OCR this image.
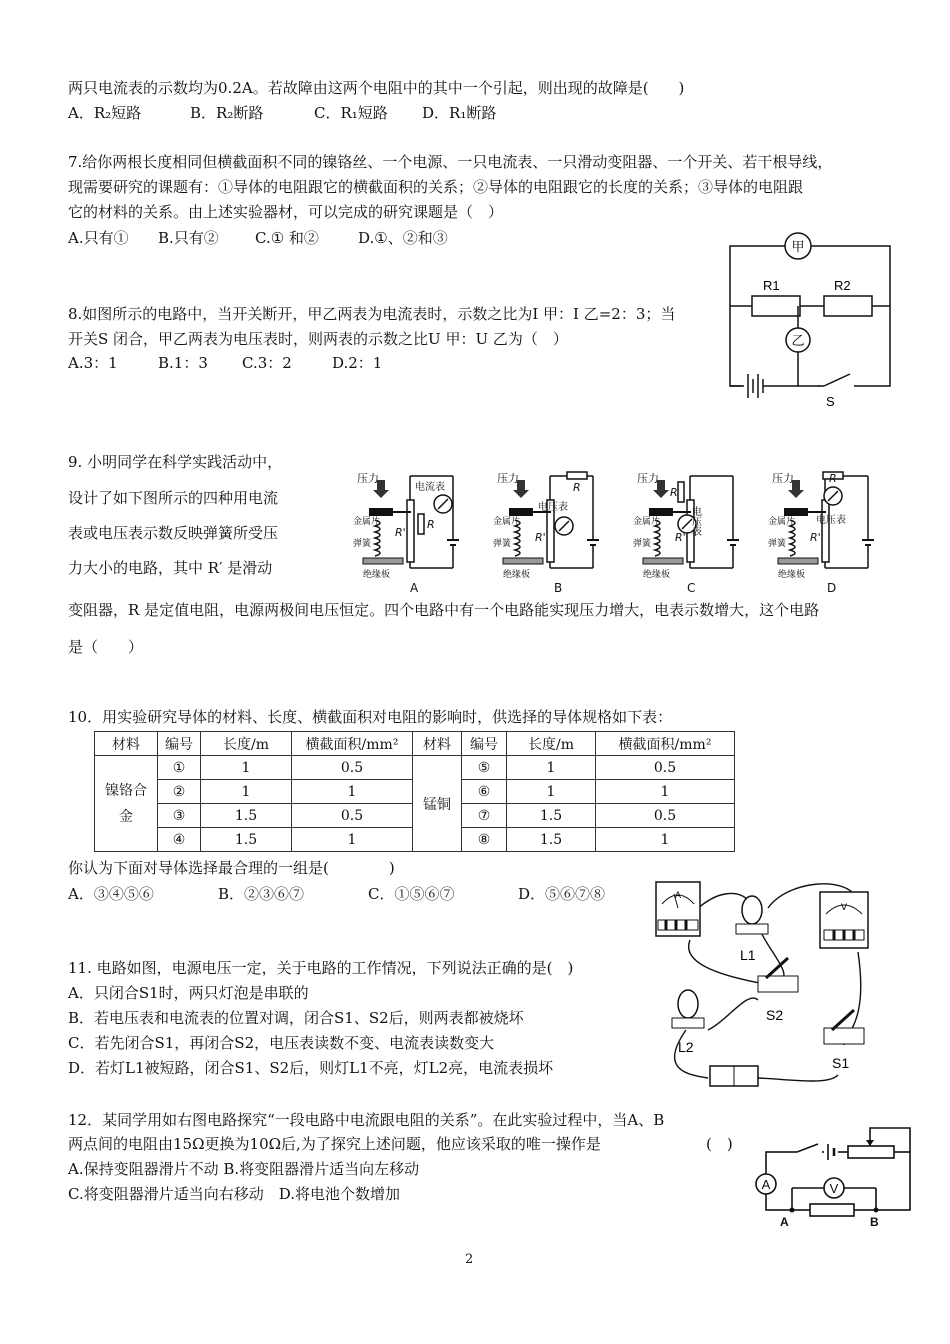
两只电流表的示数均为0.2A。若故障由这两个电阻中的其中一个引起，则出现的故障是(　　)
A．R₂短路	B．R₂断路	C．R₁短路 D．R₁断路
7.给你两根长度相同但横截面积不同的镍铬丝、一个电源、一只电流表、一只滑动变阻器、一个开关、若干根导线，
现需要研究的课题有：①导体的电阻跟它的横截面积的关系；②导体的电阻跟它的长度的关系；③导体的电阻跟
它的材料的关系。由上述实验器材，可以完成的研究课题是（　）
A.只有① B.只有② C.① 和②	D.①、②和③
8.如图所示的电路中，当开关断开，甲乙两表为电流表时，示数之比为I 甲：I 乙=2：3；当
开关S 闭合，甲乙两表为电压表时，则两表的示数之比U 甲：U 乙为（　）
A.3：1	B.1：3 C.3：2	D.2：1
甲
乙
R1	R2
S
9. 小明同学在科学实践活动中，
设计了如下图所示的四种用电流
表或电压表示数反映弹簧所受压
力大小的电路，其中 R′ 是滑动
变阻器，R 是定值电阻，电源两极间电压恒定。四个电路中有一个电路能实现压力增大，电表示数增大，这个电路
是（　　）
压力	压力	压力	压力
金属片	金属片	金属片	金属片
弹簧	弹簧	弹簧	弹簧
绝缘板	绝缘板	绝缘板	绝缘板
电流表
电压表
电压表
R
R	R
R
R'	R'	R'	R'
A	B	C	D
电压表
10．用实验研究导体的材料、长度、横截面积对电阻的影响时，供选择的导体规格如下表：
材料	编号	长度/m	横截面积/mm²	材料	编号	长度/m	横截面积/mm²
镍铬合金	①	1	0.5	锰铜	⑤	1	0.5
	②	1	1		⑥	1	1
	③	1.5	0.5		⑦	1.5	0.5
	④	1.5	1		⑧	1.5	1
你认为下面对导体选择最合理的一组是(　　　　)
A．③④⑤⑥	B．②③⑥⑦	C．①⑤⑥⑦	D．⑤⑥⑦⑧
11. 电路如图，电源电压一定，关于电路的工作情况，下列说法正确的是(　)
A．只闭合S1时，两只灯泡是串联的
B．若电压表和电流表的位置对调，闭合S1、S2后，则两表都被烧坏
C．若先闭合S1，再闭合S2，电压表读数不变、电流表读数变大
D．若灯L1被短路，闭合S1、S2后，则灯L1不亮，灯L2亮，电流表损坏
A
V
L1
L2
S2
S1
12．某同学用如右图电路探究“一段电路中电流跟电阻的关系”。在此实验过程中，当A、B
两点间的电阻由15Ω更换为10Ω后,为了探究上述问题，他应该采取的唯一操作是	(　)
A.保持变阻器滑片不动 B.将变阻器滑片适当向左移动
C.将变阻器滑片适当向右移动　D.将电池个数增加
A	V
A	B
2
